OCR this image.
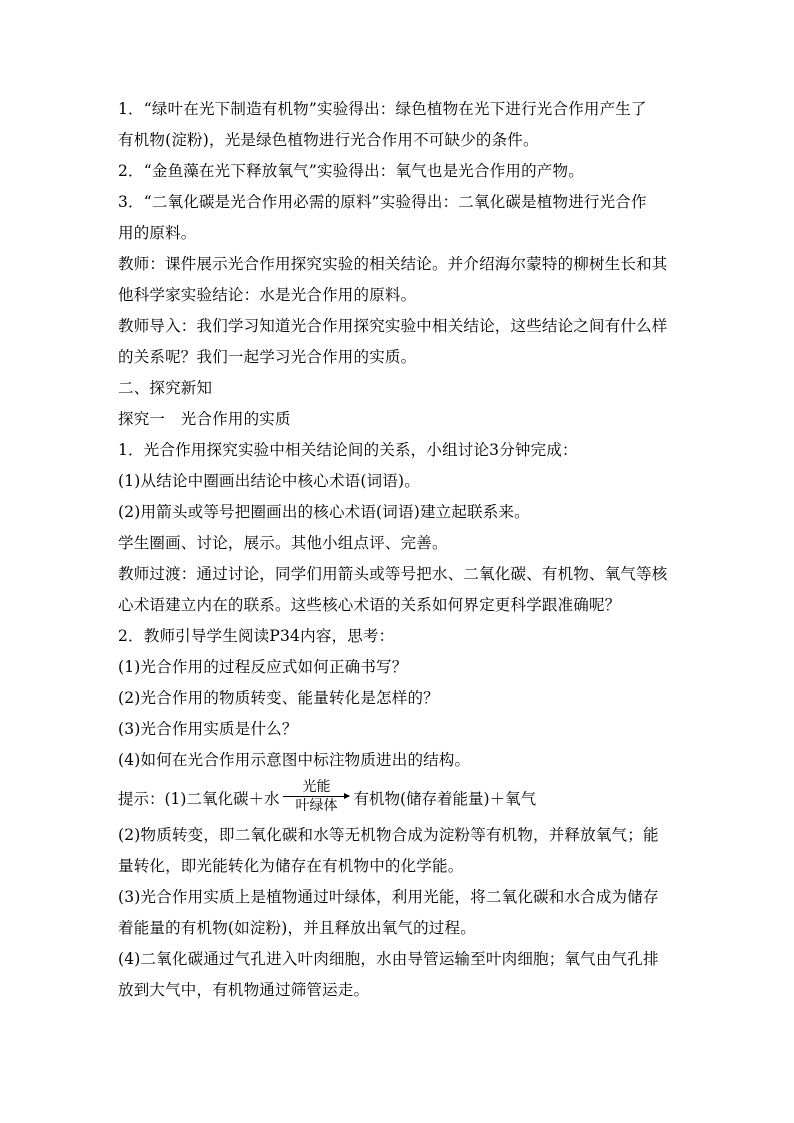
1．“绿叶在光下制造有机物”实验得出：绿色植物在光下进行光合作用产生了
有机物(淀粉)，光是绿色植物进行光合作用不可缺少的条件。
2．“金鱼藻在光下释放氧气”实验得出：氧气也是光合作用的产物。
3．“二氧化碳是光合作用必需的原料”实验得出：二氧化碳是植物进行光合作
用的原料。
教师：课件展示光合作用探究实验的相关结论。并介绍海尔蒙特的柳树生长和其
他科学家实验结论：水是光合作用的原料。
教师导入：我们学习知道光合作用探究实验中相关结论，这些结论之间有什么样
的关系呢？我们一起学习光合作用的实质。
二、探究新知
探究一　光合作用的实质
1．光合作用探究实验中相关结论间的关系，小组讨论3分钟完成：
(1)从结论中圈画出结论中核心术语(词语)。
(2)用箭头或等号把圈画出的核心术语(词语)建立起联系来。
学生圈画、讨论，展示。其他小组点评、完善。
教师过渡：通过讨论，同学们用箭头或等号把水、二氧化碳、有机物、氧气等核
心术语建立内在的联系。这些核心术语的关系如何界定更科学跟准确呢？
2．教师引导学生阅读P34内容，思考：
(1)光合作用的过程反应式如何正确书写？
(2)光合作用的物质转变、能量转化是怎样的？
(3)光合作用实质是什么？
(4)如何在光合作用示意图中标注物质进出的结构。
提示：(1)二氧化碳＋水
光能
叶绿体 有机物(储存着能量)＋氧气
(2)物质转变，即二氧化碳和水等无机物合成为淀粉等有机物，并释放氧气；能
量转化，即光能转化为储存在有机物中的化学能。
(3)光合作用实质上是植物通过叶绿体，利用光能，将二氧化碳和水合成为储存
着能量的有机物(如淀粉)，并且释放出氧气的过程。
(4)二氧化碳通过气孔进入叶肉细胞，水由导管运输至叶肉细胞；氧气由气孔排
放到大气中，有机物通过筛管运走。
